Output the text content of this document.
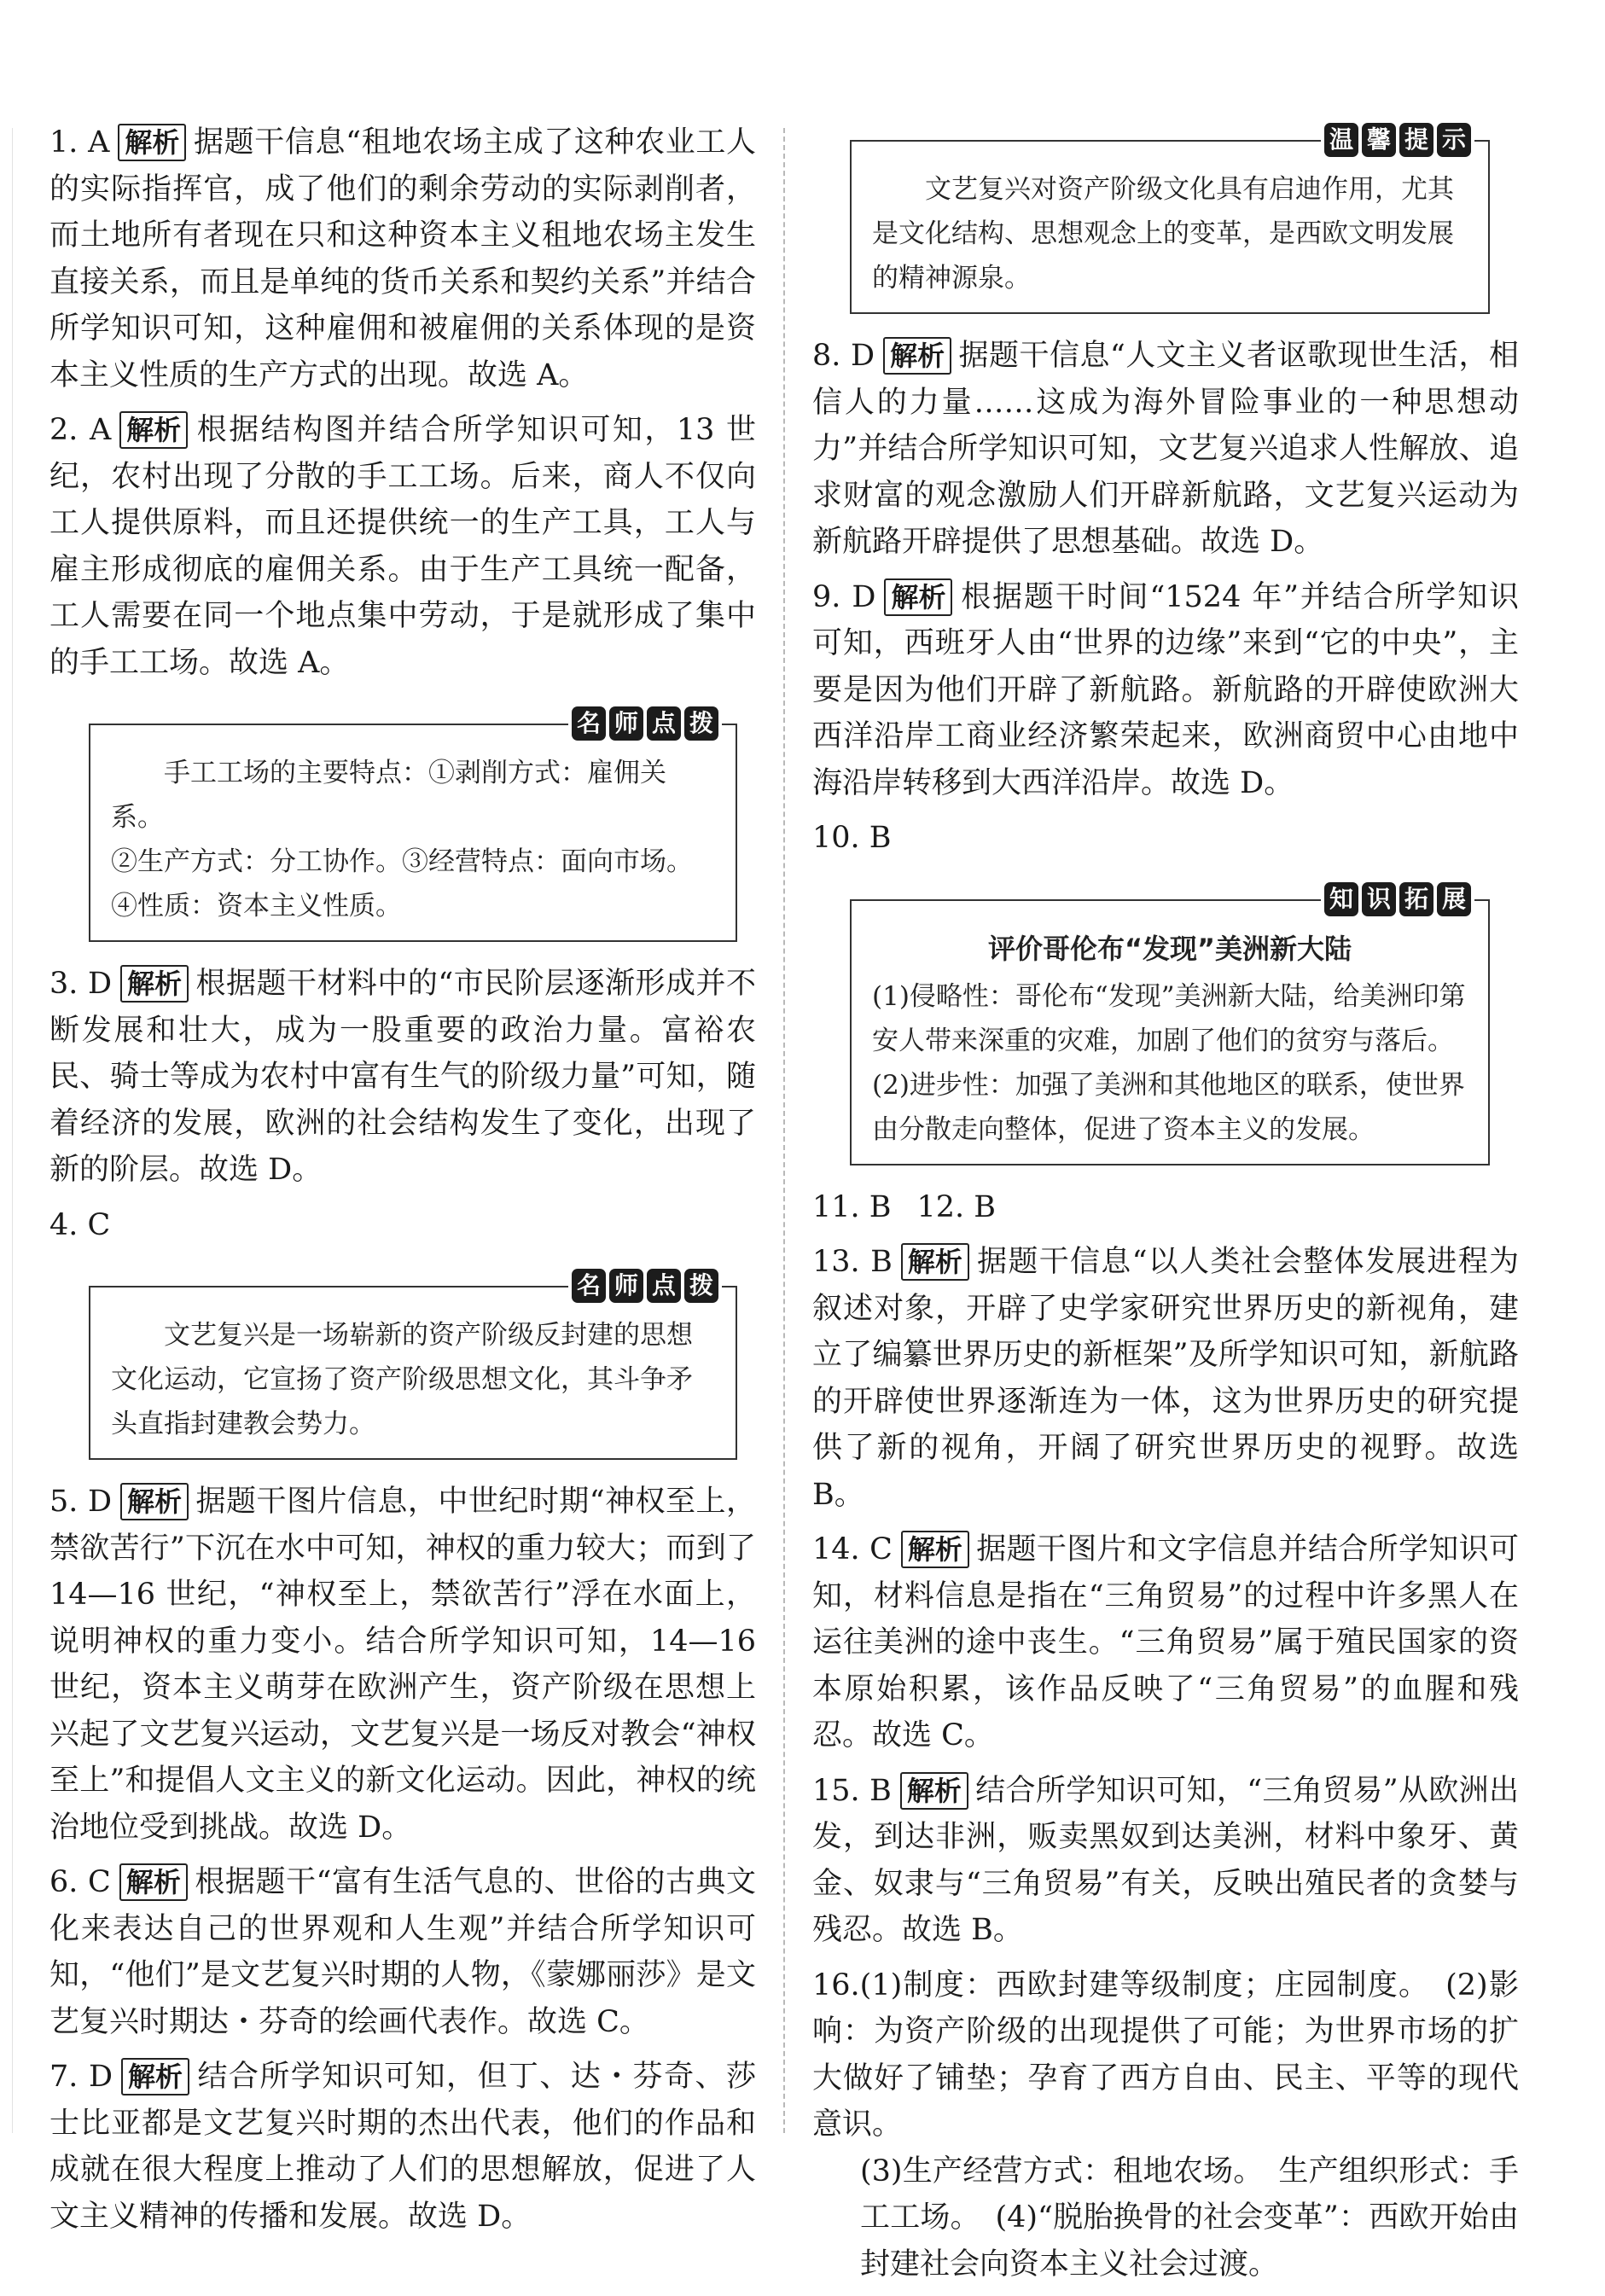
1. A 解析 据题干信息“租地农场主成了这种农业工人的实际指挥官，成了他们的剩余劳动的实际剥削者，而土地所有者现在只和这种资本主义租地农场主发生直接关系，而且是单纯的货币关系和契约关系”并结合所学知识可知，这种雇佣和被雇佣的关系体现的是资本主义性质的生产方式的出现。故选 A。
2. A 解析 根据结构图并结合所学知识可知，13 世纪，农村出现了分散的手工工场。后来，商人不仅向工人提供原料，而且还提供统一的生产工具，工人与雇主形成彻底的雇佣关系。由于生产工具统一配备，工人需要在同一个地点集中劳动，于是就形成了集中的手工工场。故选 A。
名 师 点 拨
手工工场的主要特点：①剥削方式：雇佣关系。
②生产方式：分工协作。③经营特点：面向市场。
④性质：资本主义性质。
3. D 解析 根据题干材料中的“市民阶层逐渐形成并不断发展和壮大，成为一股重要的政治力量。富裕农民、骑士等成为农村中富有生气的阶级力量”可知，随着经济的发展，欧洲的社会结构发生了变化，出现了新的阶层。故选 D。
4. C
名 师 点 拨
文艺复兴是一场崭新的资产阶级反封建的思想文化运动，它宣扬了资产阶级思想文化，其斗争矛头直指封建教会势力。
5. D 解析 据题干图片信息，中世纪时期“神权至上，禁欲苦行”下沉在水中可知，神权的重力较大；而到了 14—16 世纪，“神权至上，禁欲苦行”浮在水面上，说明神权的重力变小。结合所学知识可知，14—16 世纪，资本主义萌芽在欧洲产生，资产阶级在思想上兴起了文艺复兴运动，文艺复兴是一场反对教会“神权至上”和提倡人文主义的新文化运动。因此，神权的统治地位受到挑战。故选 D。
6. C 解析 根据题干“富有生活气息的、世俗的古典文化来表达自己的世界观和人生观”并结合所学知识可知，“他们”是文艺复兴时期的人物，《蒙娜丽莎》是文艺复兴时期达・芬奇的绘画代表作。故选 C。
7. D 解析 结合所学知识可知，但丁、达・芬奇、莎士比亚都是文艺复兴时期的杰出代表，他们的作品和成就在很大程度上推动了人们的思想解放，促进了人文主义精神的传播和发展。故选 D。
温 馨 提 示
文艺复兴对资产阶级文化具有启迪作用，尤其是文化结构、思想观念上的变革，是西欧文明发展的精神源泉。
8. D 解析 据题干信息“人文主义者讴歌现世生活，相信人的力量……这成为海外冒险事业的一种思想动力”并结合所学知识可知，文艺复兴追求人性解放、追求财富的观念激励人们开辟新航路，文艺复兴运动为新航路开辟提供了思想基础。故选 D。
9. D 解析 根据题干时间“1524 年”并结合所学知识可知，西班牙人由“世界的边缘”来到“它的中央”，主要是因为他们开辟了新航路。新航路的开辟使欧洲大西洋沿岸工商业经济繁荣起来，欧洲商贸中心由地中海沿岸转移到大西洋沿岸。故选 D。
10. B
知 识 拓 展
评价哥伦布“发现”美洲新大陆
(1)侵略性：哥伦布“发现”美洲新大陆，给美洲印第安人带来深重的灾难，加剧了他们的贫穷与落后。
(2)进步性：加强了美洲和其他地区的联系，使世界由分散走向整体，促进了资本主义的发展。
11. B 12. B
13. B 解析 据题干信息“以人类社会整体发展进程为叙述对象，开辟了史学家研究世界历史的新视角，建立了编纂世界历史的新框架”及所学知识可知，新航路的开辟使世界逐渐连为一体，这为世界历史的研究提供了新的视角，开阔了研究世界历史的视野。故选 B。
14. C 解析 据题干图片和文字信息并结合所学知识可知，材料信息是指在“三角贸易”的过程中许多黑人在运往美洲的途中丧生。“三角贸易”属于殖民国家的资本原始积累，该作品反映了“三角贸易”的血腥和残忍。故选 C。
15. B 解析 结合所学知识可知，“三角贸易”从欧洲出发，到达非洲，贩卖黑奴到达美洲，材料中象牙、黄金、奴隶与“三角贸易”有关，反映出殖民者的贪婪与残忍。故选 B。
16.(1)制度：西欧封建等级制度；庄园制度。　(2)影响：为资产阶级的出现提供了可能；为世界市场的扩大做好了铺垫；孕育了西方自由、民主、平等的现代意识。
(3)生产经营方式：租地农场。　生产组织形式：手工工场。　(4)“脱胎换骨的社会变革”：西欧开始由封建社会向资本主义社会过渡。
